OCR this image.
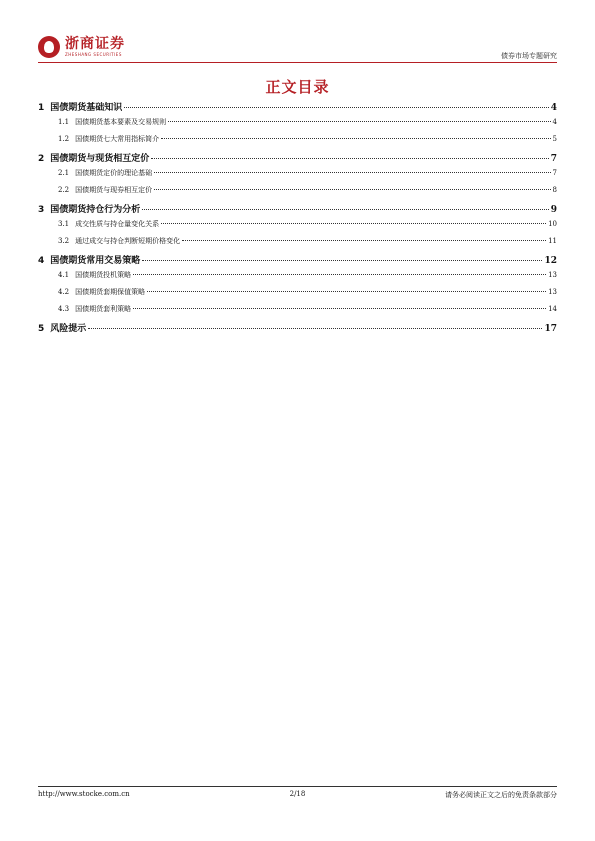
浙商证券
ZHESHANG SECURITIES	债券市场专题研究
正文目录
1 国债期货基础知识	4
1.1 国债期货基本要素及交易规则	4
1.2 国债期货七大常用指标简介	5
2 国债期货与现货相互定价	7
2.1 国债期货定价的理论基础	7
2.2 国债期货与现券相互定价	8
3 国债期货持仓行为分析	9
3.1 成交性质与持仓量变化关系	10
3.2 通过成交与持仓判断短期价格变化	11
4 国债期货常用交易策略	12
4.1 国债期货投机策略	13
4.2 国债期货套期保值策略	13
4.3 国债期货套利策略	14
5 风险提示	17
http://www.stocke.com.cn	2/18	请务必阅读正文之后的免责条款部分
